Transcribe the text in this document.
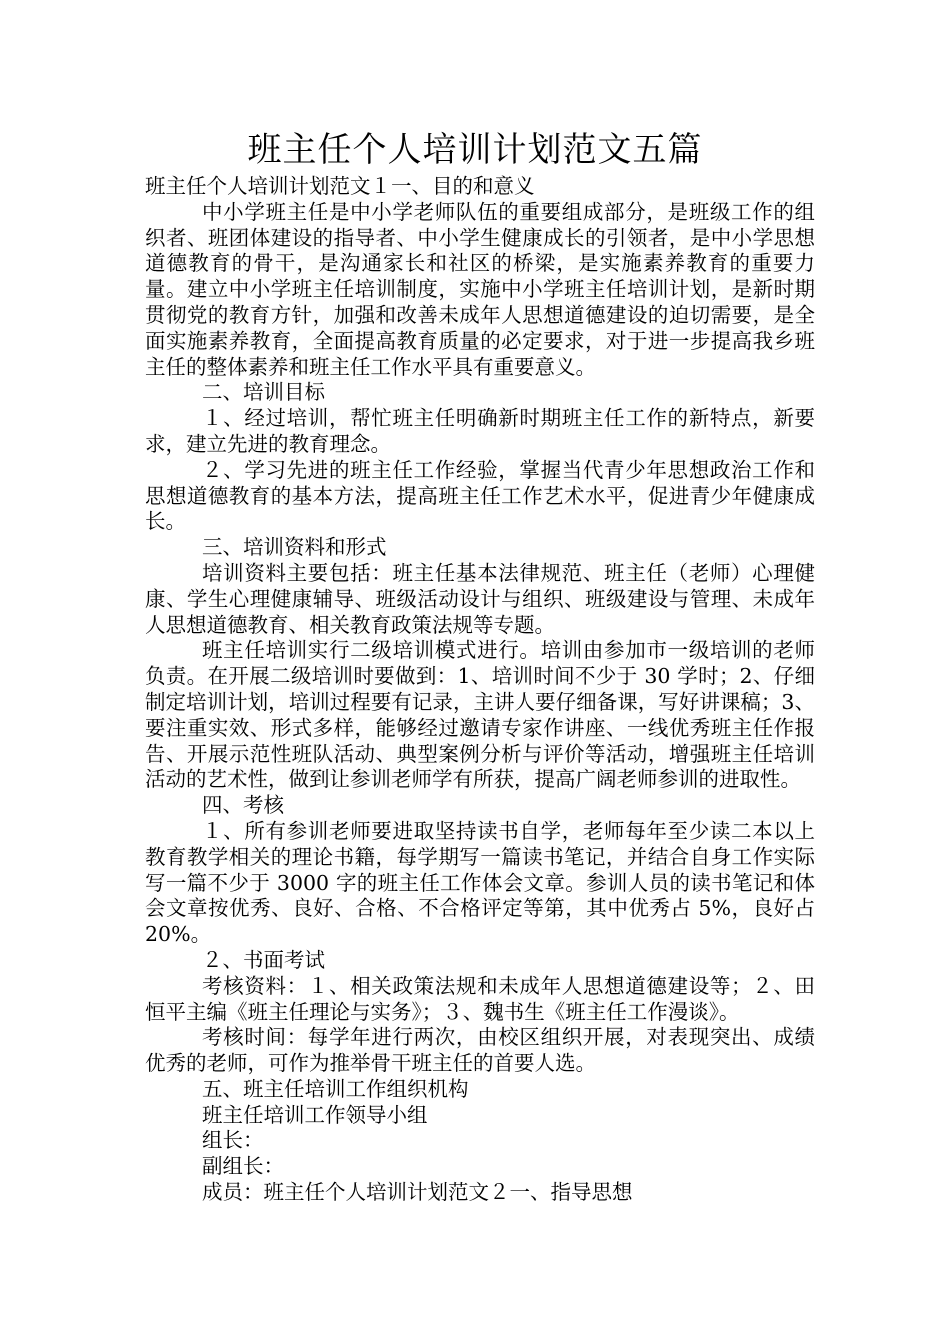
班主任个人培训计划范文五篇

班主任个人培训计划范文１一、目的和意义

中小学班主任是中小学老师队伍的重要组成部分，是班级工作的组织者、班团体建设的指导者、中小学生健康成长的引领者，是中小学思想道德教育的骨干，是沟通家长和社区的桥梁，是实施素养教育的重要力量。建立中小学班主任培训制度，实施中小学班主任培训计划，是新时期贯彻党的教育方针，加强和改善未成年人思想道德建设的迫切需要，是全面实施素养教育，全面提高教育质量的必定要求，对于进一步提高我乡班主任的整体素养和班主任工作水平具有重要意义。

二、培训目标

１、经过培训，帮忙班主任明确新时期班主任工作的新特点，新要求，建立先进的教育理念。

２、学习先进的班主任工作经验，掌握当代青少年思想政治工作和思想道德教育的基本方法，提高班主任工作艺术水平，促进青少年健康成长。

三、培训资料和形式

培训资料主要包括：班主任基本法律规范、班主任（老师）心理健康、学生心理健康辅导、班级活动设计与组织、班级建设与管理、未成年人思想道德教育、相关教育政策法规等专题。

班主任培训实行二级培训模式进行。培训由参加市一级培训的老师负责。在开展二级培训时要做到：1、培训时间不少于 30 学时；2、仔细制定培训计划，培训过程要有记录，主讲人要仔细备课，写好讲课稿；3、要注重实效、形式多样，能够经过邀请专家作讲座、一线优秀班主任作报告、开展示范性班队活动、典型案例分析与评价等活动，增强班主任培训活动的艺术性，做到让参训老师学有所获，提高广阔老师参训的进取性。

四、考核

１、所有参训老师要进取坚持读书自学，老师每年至少读二本以上教育教学相关的理论书籍，每学期写一篇读书笔记，并结合自身工作实际写一篇不少于 3000 字的班主任工作体会文章。参训人员的读书笔记和体会文章按优秀、良好、合格、不合格评定等第，其中优秀占 5%，良好占 20%。

２、书面考试

考核资料：１、相关政策法规和未成年人思想道德建设等；２、田恒平主编《班主任理论与实务》；３、魏书生《班主任工作漫谈》。

考核时间：每学年进行两次，由校区组织开展，对表现突出、成绩优秀的老师，可作为推举骨干班主任的首要人选。

五、班主任培训工作组织机构

班主任培训工作领导小组

组长：

副组长：

成员：班主任个人培训计划范文２一、指导思想
